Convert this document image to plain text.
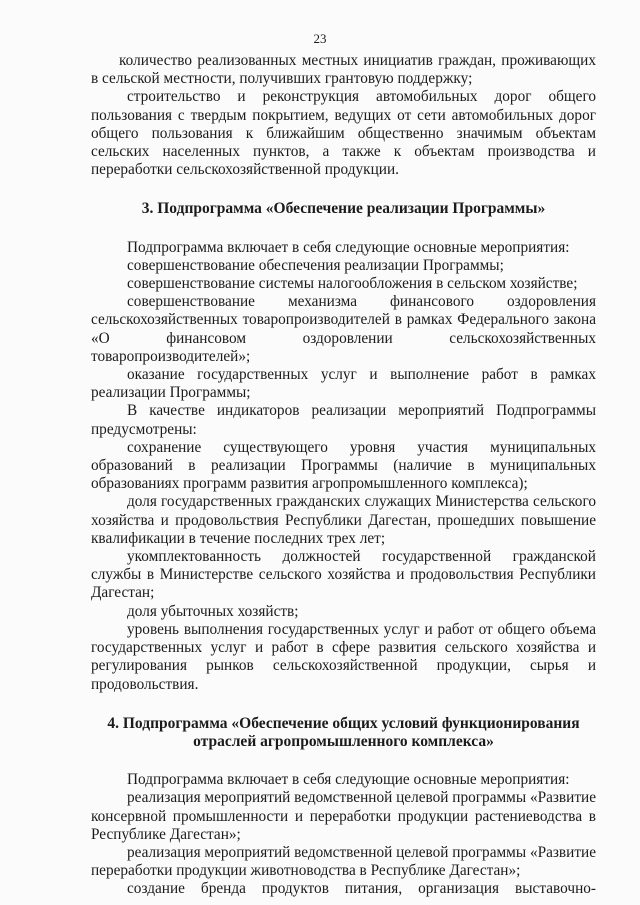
23

количество реализованных местных инициатив граждан, проживающих в сельской местности, получивших грантовую поддержку;

строительство и реконструкция автомобильных дорог общего пользования с твердым покрытием, ведущих от сети автомобильных дорог общего пользования к ближайшим общественно значимым объектам сельских населенных пунктов, а также к объектам производства и переработки сельскохозяйственной продукции.

3. Подпрограмма «Обеспечение реализации Программы»

Подпрограмма включает в себя следующие основные мероприятия:

совершенствование обеспечения реализации Программы;

совершенствование системы налогообложения в сельском хозяйстве;

совершенствование механизма финансового оздоровления сельскохозяйственных товаропроизводителей в рамках Федерального закона «О финансовом оздоровлении сельскохозяйственных товаропроизводителей»;

оказание государственных услуг и выполнение работ в рамках реализации Программы;

В качестве индикаторов реализации мероприятий Подпрограммы предусмотрены:

сохранение существующего уровня участия муниципальных образований в реализации Программы (наличие в муниципальных образованиях программ развития агропромышленного комплекса);

доля государственных гражданских служащих Министерства сельского хозяйства и продовольствия Республики Дагестан, прошедших повышение квалификации в течение последних трех лет;

укомплектованность должностей государственной гражданской службы в Министерстве сельского хозяйства и продовольствия Республики Дагестан;

доля убыточных хозяйств;

уровень выполнения государственных услуг и работ от общего объема государственных услуг и работ в сфере развития сельского хозяйства и регулирования рынков сельскохозяйственной продукции, сырья и продовольствия.

4. Подпрограмма «Обеспечение общих условий функционирования

отраслей агропромышленного комплекса»

Подпрограмма включает в себя следующие основные мероприятия:

реализация мероприятий ведомственной целевой программы «Развитие консервной промышленности и переработки продукции растениеводства в Республике Дагестан»;

реализация мероприятий ведомственной целевой программы «Развитие переработки продукции животноводства в Республике Дагестан»;

создание бренда продуктов питания, организация выставочно-
